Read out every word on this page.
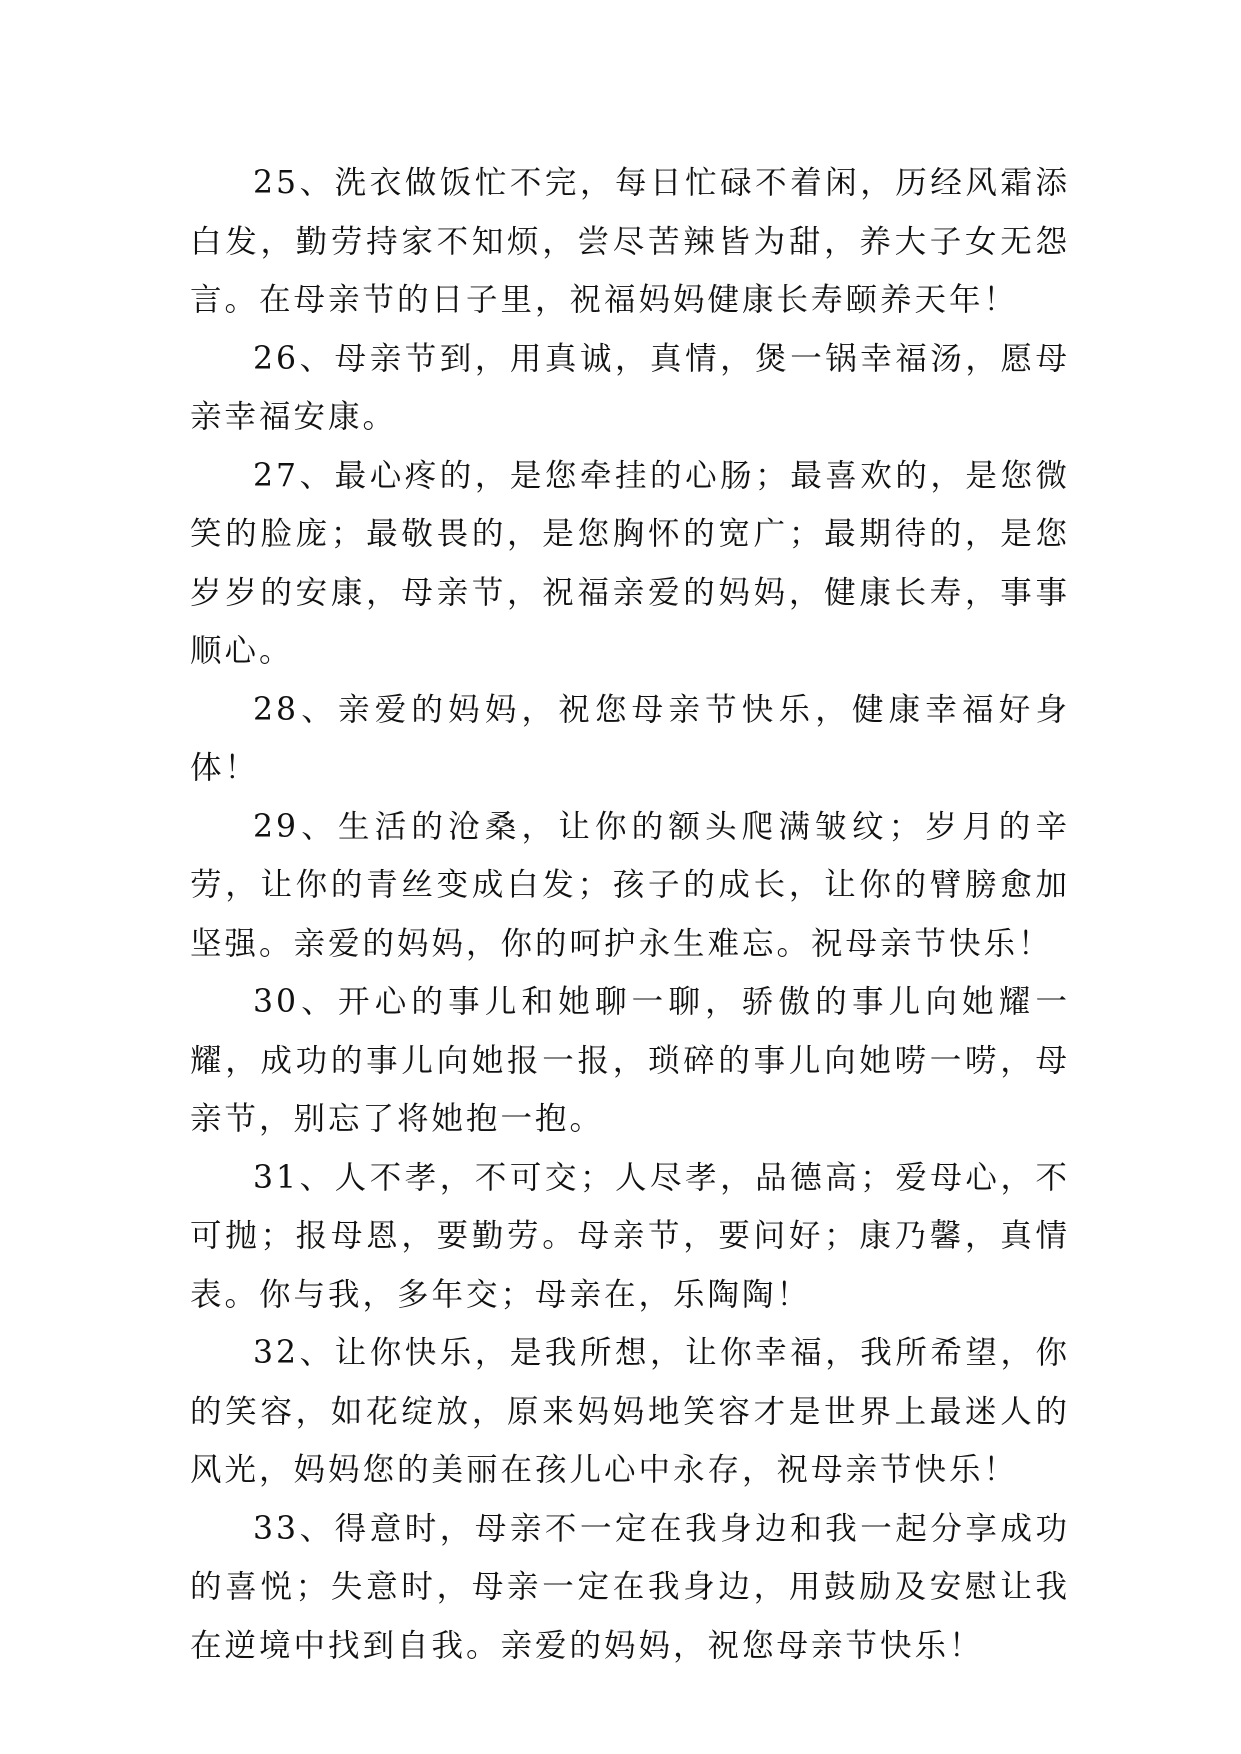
25、洗衣做饭忙不完，每日忙碌不着闲，历经风霜添白发，勤劳持家不知烦，尝尽苦辣皆为甜，养大子女无怨言。在母亲节的日子里，祝福妈妈健康长寿颐养天年！

26、母亲节到，用真诚，真情，煲一锅幸福汤，愿母亲幸福安康。

27、最心疼的，是您牵挂的心肠；最喜欢的，是您微笑的脸庞；最敬畏的，是您胸怀的宽广；最期待的，是您岁岁的安康，母亲节，祝福亲爱的妈妈，健康长寿，事事顺心。

28、亲爱的妈妈，祝您母亲节快乐，健康幸福好身体！

29、生活的沧桑，让你的额头爬满皱纹；岁月的辛劳，让你的青丝变成白发；孩子的成长，让你的臂膀愈加坚强。亲爱的妈妈，你的呵护永生难忘。祝母亲节快乐！

30、开心的事儿和她聊一聊，骄傲的事儿向她耀一耀，成功的事儿向她报一报，琐碎的事儿向她唠一唠，母亲节，别忘了将她抱一抱。

31、人不孝，不可交；人尽孝，品德高；爱母心，不可抛；报母恩，要勤劳。母亲节，要问好；康乃馨，真情表。你与我，多年交；母亲在，乐陶陶！

32、让你快乐，是我所想，让你幸福，我所希望，你的笑容，如花绽放，原来妈妈地笑容才是世界上最迷人的风光，妈妈您的美丽在孩儿心中永存，祝母亲节快乐！

33、得意时，母亲不一定在我身边和我一起分享成功的喜悦；失意时，母亲一定在我身边，用鼓励及安慰让我在逆境中找到自我。亲爱的妈妈，祝您母亲节快乐！
